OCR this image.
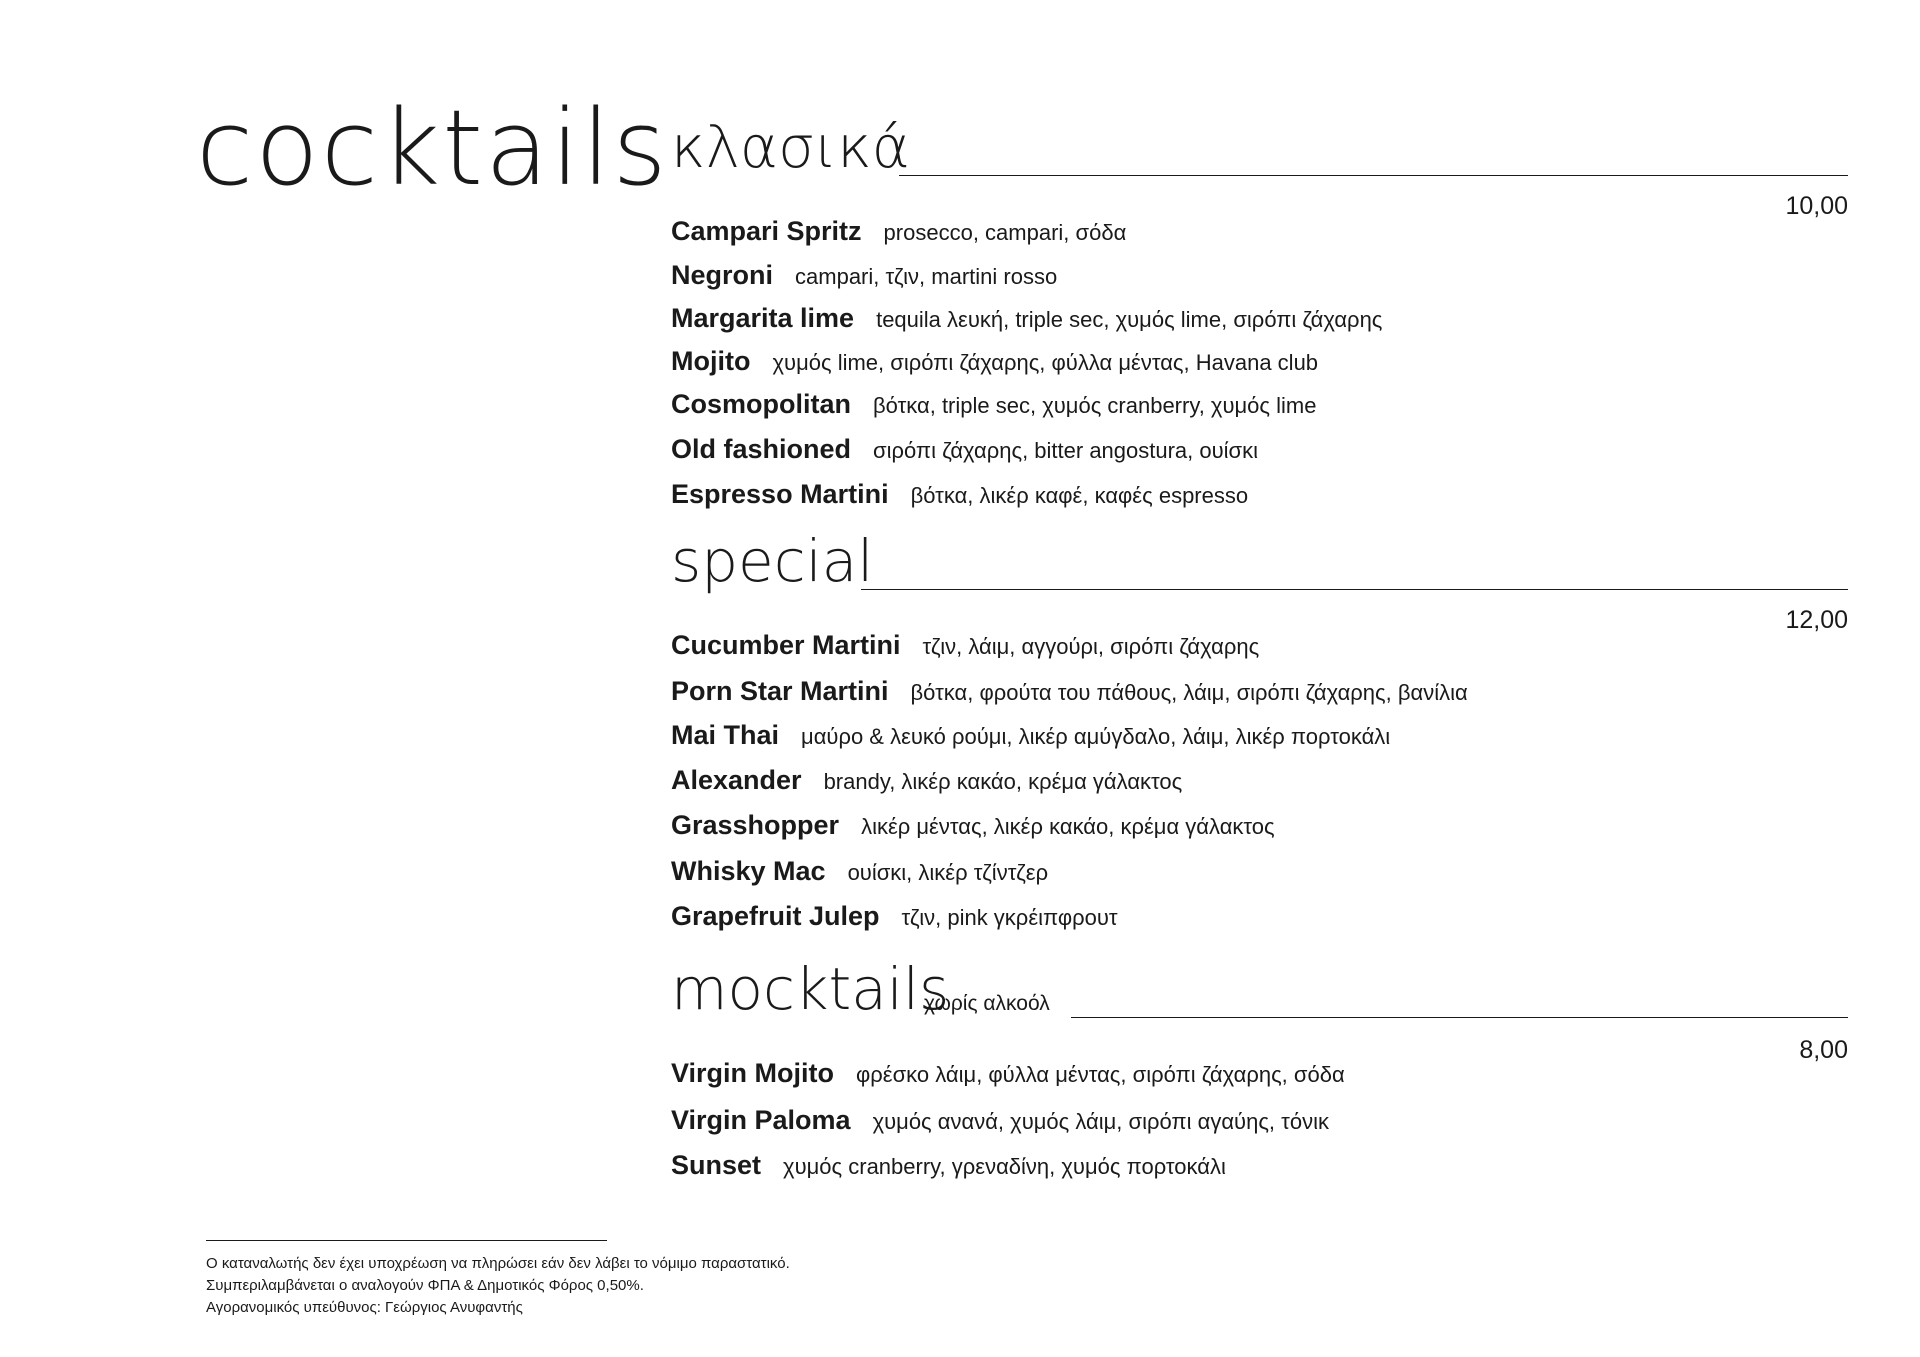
cocktails κλασικά
10,00
Campari Spritz prosecco, campari, σόδα
Negroni campari, τζιν, martini rosso
Margarita lime tequila λευκή, triple sec, χυμός lime, σιρόπι ζάχαρης
Mojito χυμός lime, σιρόπι ζάχαρης, φύλλα μέντας, Havana club
Cosmopolitan βότκα, triple sec, χυμός cranberry, χυμός lime
Old fashioned σιρόπι ζάχαρης, bitter angostura, ουίσκι
Espresso Martini βότκα, λικέρ καφέ, καφές espresso
special
12,00
Cucumber Martini τζιν, λάιμ, αγγούρι, σιρόπι ζάχαρης
Porn Star Martini βότκα, φρούτα του πάθους, λάιμ, σιρόπι ζάχαρης, βανίλια
Mai Thai μαύρο & λευκό ρούμι, λικέρ αμύγδαλο, λάιμ, λικέρ πορτοκάλι
Alexander brandy, λικέρ κακάο, κρέμα γάλακτος
Grasshopper λικέρ μέντας, λικέρ κακάο, κρέμα γάλακτος
Whisky Mac ουίσκι, λικέρ τζίντζερ
Grapefruit Julep τζιν, pink γκρέιπφρουτ
mocktails
χωρίς αλκοόλ
8,00
Virgin Mojito φρέσκο λάιμ, φύλλα μέντας, σιρόπι ζάχαρης, σόδα
Virgin Paloma χυμός ανανά, χυμός λάιμ, σιρόπι αγαύης, τόνικ
Sunset χυμός cranberry, γρεναδίνη, χυμός πορτοκάλι
Ο καταναλωτής δεν έχει υποχρέωση να πληρώσει εάν δεν λάβει το νόμιμο παραστατικό.
Συμπεριλαμβάνεται ο αναλογούν ΦΠΑ & Δημοτικός Φόρος 0,50%.
Αγορανομικός υπεύθυνος: Γεώργιος Ανυφαντής
